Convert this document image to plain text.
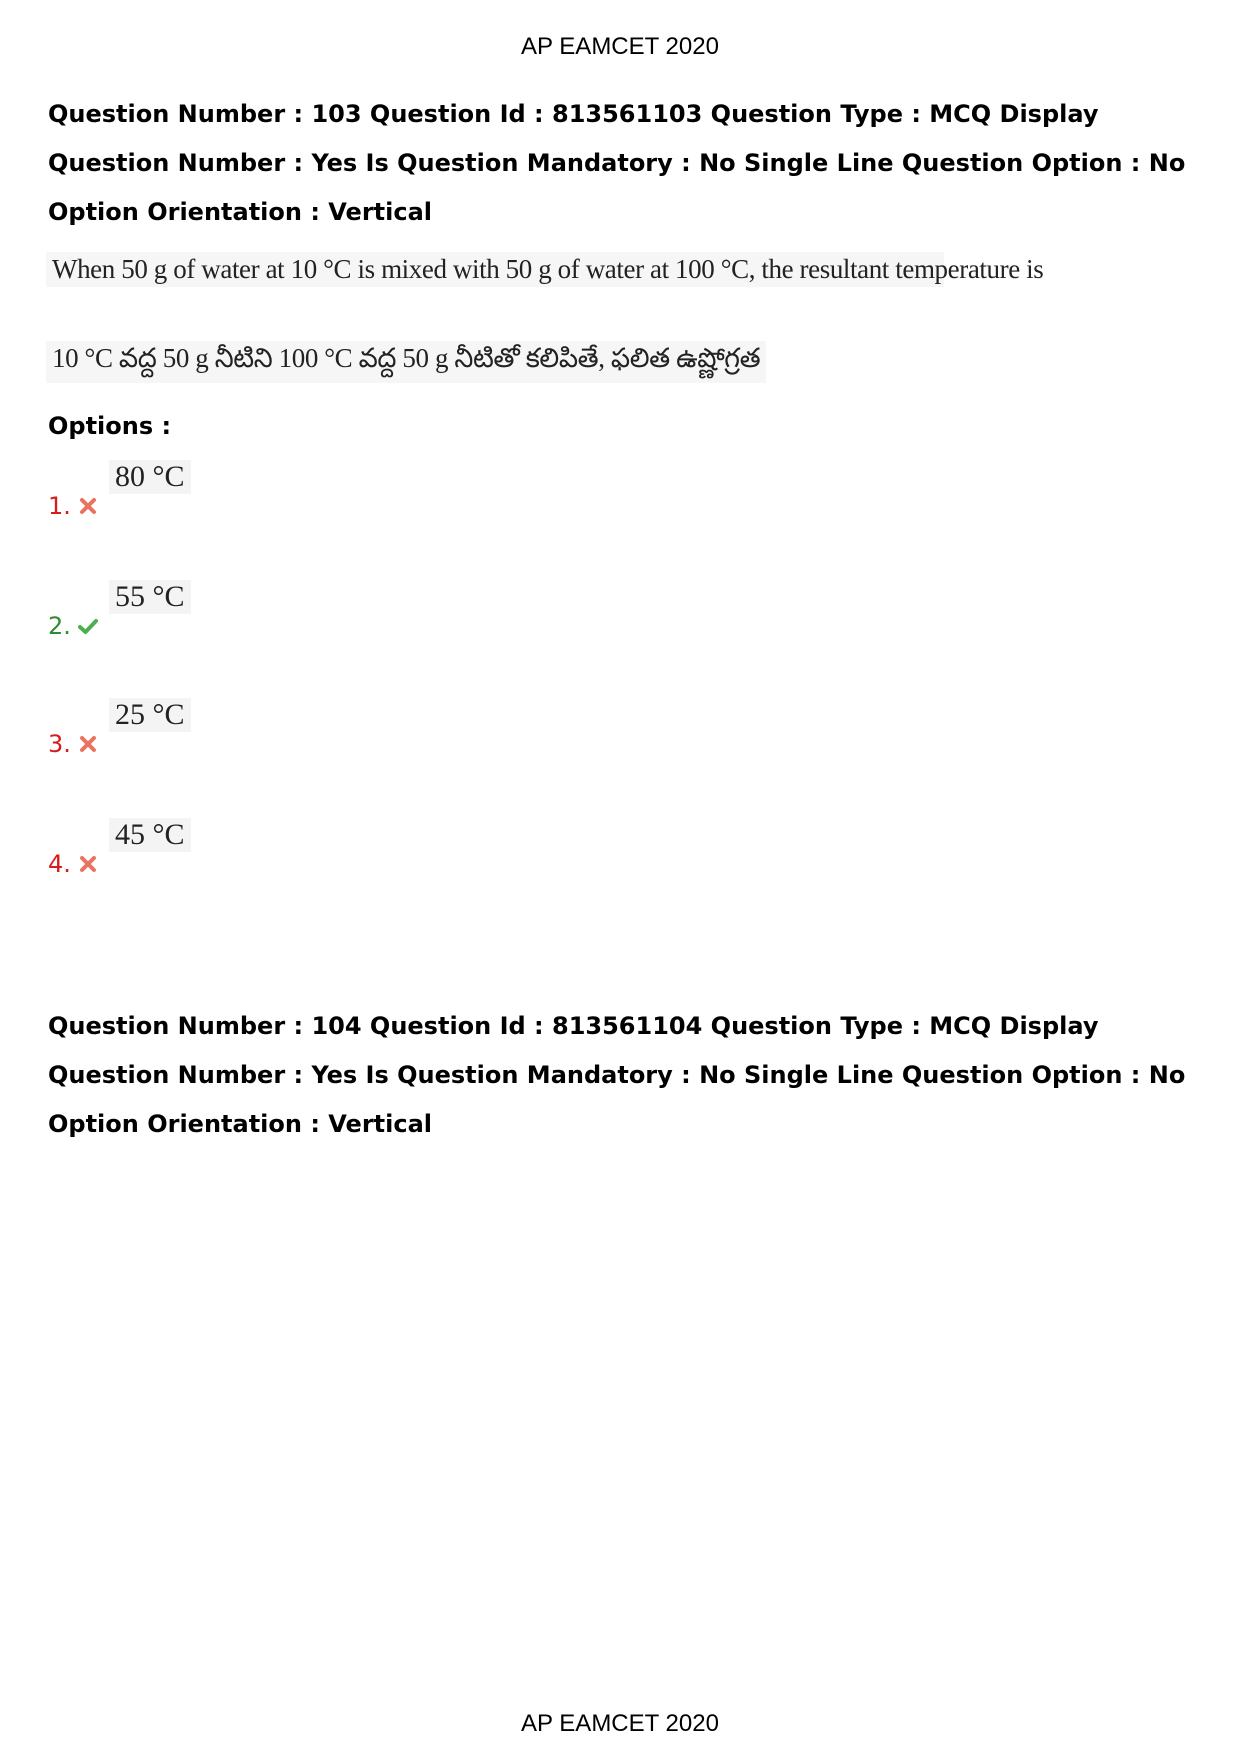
AP EAMCET 2020
Question Number : 103 Question Id : 813561103 Question Type : MCQ Display Question Number : Yes Is Question Mandatory : No Single Line Question Option : No Option Orientation : Vertical
When 50 g of water at 10 °C is mixed with 50 g of water at 100 °C, the resultant temperature is
10 °C వద్ద 50 g నీటిని 100 °C వద్ద 50 g నీటితో కలిపితే, ఫలిత ఉష్ణోగ్రత
Options :
1.
80 °C
2.
55 °C
3.
25 °C
4.
45 °C
Question Number : 104 Question Id : 813561104 Question Type : MCQ Display Question Number : Yes Is Question Mandatory : No Single Line Question Option : No Option Orientation : Vertical
AP EAMCET 2020
